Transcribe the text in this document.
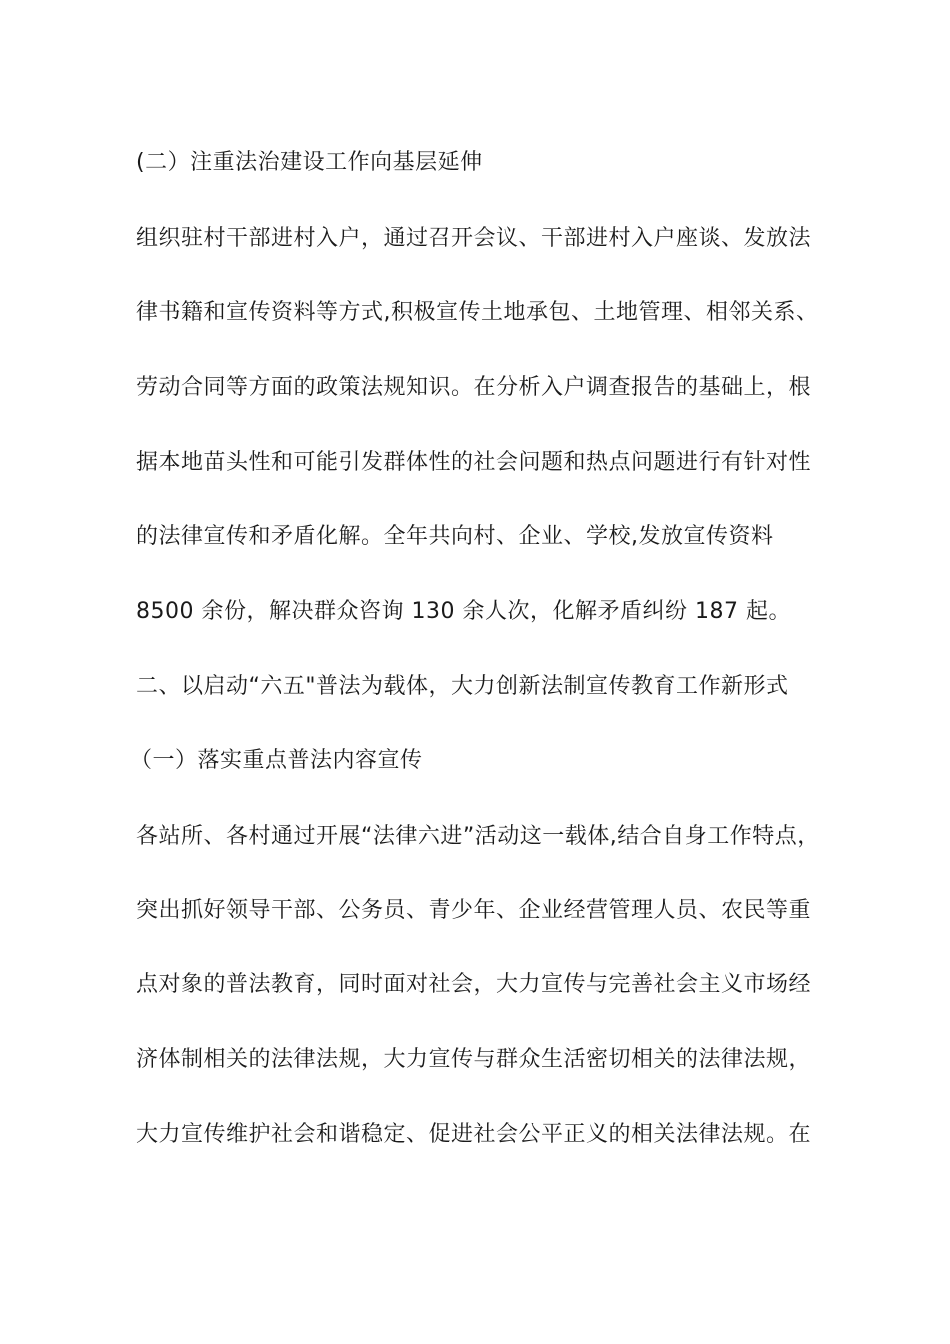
(二）注重法治建设工作向基层延伸
组织驻村干部进村入户，通过召开会议、干部进村入户座谈、发放法
律书籍和宣传资料等方式,积极宣传土地承包、土地管理、相邻关系、
劳动合同等方面的政策法规知识。在分析入户调查报告的基础上，根
据本地苗头性和可能引发群体性的社会问题和热点问题进行有针对性
的法律宣传和矛盾化解。全年共向村、企业、学校,发放宣传资料
8500 余份，解决群众咨询 130 余人次，化解矛盾纠纷 187 起。
二、以启动“六五"普法为载体，大力创新法制宣传教育工作新形式
（一）落实重点普法内容宣传
各站所、各村通过开展“法律六进”活动这一载体,结合自身工作特点，
突出抓好领导干部、公务员、青少年、企业经营管理人员、农民等重
点对象的普法教育，同时面对社会，大力宣传与完善社会主义市场经
济体制相关的法律法规，大力宣传与群众生活密切相关的法律法规，
大力宣传维护社会和谐稳定、促进社会公平正义的相关法律法规。在
